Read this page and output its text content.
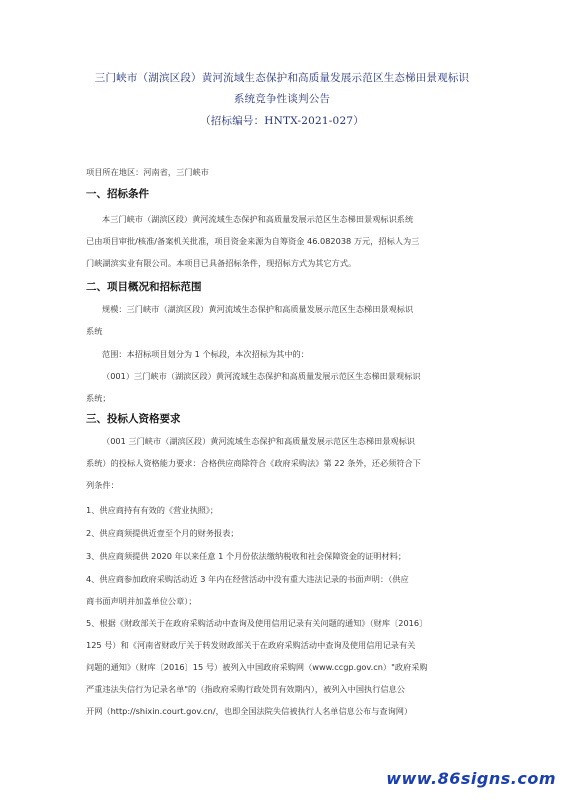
三门峡市（湖滨区段）黄河流域生态保护和高质量发展示范区生态梯田景观标识
系统竞争性谈判公告
（招标编号：HNTX-2021-027）
项目所在地区：河南省，三门峡市
一、招标条件
本三门峡市（湖滨区段）黄河流域生态保护和高质量发展示范区生态梯田景观标识系统
已由项目审批/核准/备案机关批准，项目资金来源为自筹资金 46.082038 万元，招标人为三
门峡湖滨实业有限公司。本项目已具备招标条件，现招标方式为其它方式。
二、项目概况和招标范围
规模：三门峡市（湖滨区段）黄河流域生态保护和高质量发展示范区生态梯田景观标识
系统
范围：本招标项目划分为 1 个标段，本次招标为其中的：
（001）三门峡市（湖滨区段）黄河流域生态保护和高质量发展示范区生态梯田景观标识
系统；
三、投标人资格要求
（001 三门峡市（湖滨区段）黄河流域生态保护和高质量发展示范区生态梯田景观标识
系统）的投标人资格能力要求：合格供应商除符合《政府采购法》第 22 条外，还必须符合下
列条件：
1、供应商持有有效的《营业执照》；
2、供应商须提供近壹至个月的财务报表；
3、供应商须提供 2020 年以来任意 1 个月份依法缴纳税收和社会保障资金的证明材料；
4、供应商参加政府采购活动近 3 年内在经营活动中没有重大违法记录的书面声明：（供应
商书面声明并加盖单位公章）；
5、根据《财政部关于在政府采购活动中查询及使用信用记录有关问题的通知》（财库〔2016〕
125 号）和《河南省财政厅关于转发财政部关于在政府采购活动中查询及使用信用记录有关
问题的通知》（财库〔2016〕15 号）被列入中国政府采购网（www.ccgp.gov.cn）"政府采购
严重违法失信行为记录名单"的（指政府采购行政处罚有效期内），被列入中国执行信息公
开网（http://shixin.court.gov.cn/，也即全国法院失信被执行人名单信息公布与查询网）
www.86signs.com
